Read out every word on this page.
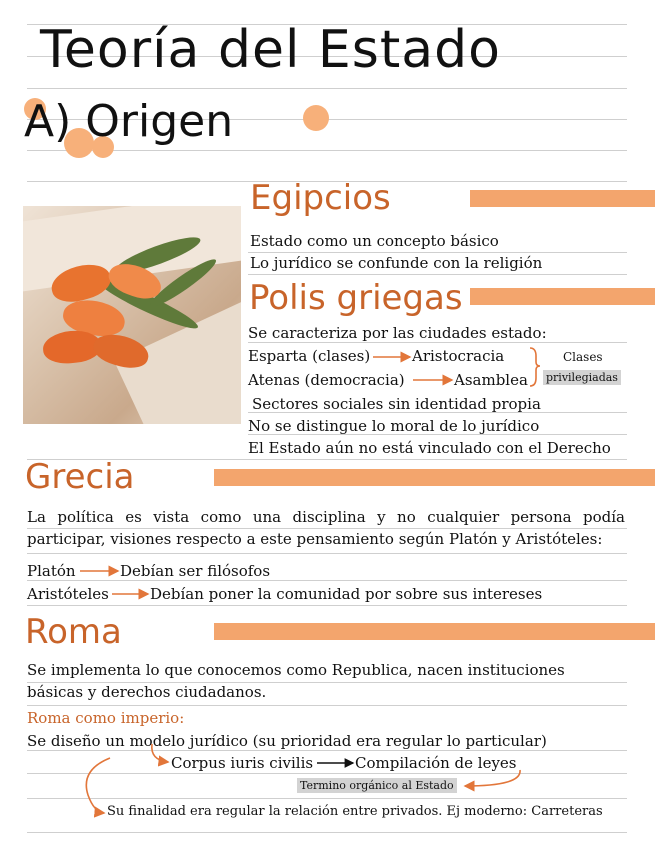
Teoría del Estado
A) Origen
Egipcios
Estado como un concepto básico
Lo jurídico se confunde con la religión
Polis griegas
Se caracteriza por las ciudades estado:
Esparta (clases)	Aristocracia
Atenas (democracia)	Asamblea
Clases
privilegiadas
Sectores sociales sin identidad propia
No se distingue lo moral de lo jurídico
El Estado aún no está vinculado con el Derecho
Grecia
La política es vista como una disciplina y no cualquier persona podía participar, visiones respecto a este pensamiento según Platón y Aristóteles:
Platón	Debían ser filósofos
Aristóteles	Debían poner la comunidad por sobre sus intereses
Roma
Se implementa lo que conocemos como Republica, nacen instituciones básicas y derechos ciudadanos.
Roma como imperio:
Se diseño un modelo jurídico (su prioridad era regular lo particular)
Corpus iuris civilis	Compilación de leyes
Termino orgánico al Estado
Su finalidad era regular la relación entre privados. Ej moderno: Carreteras
